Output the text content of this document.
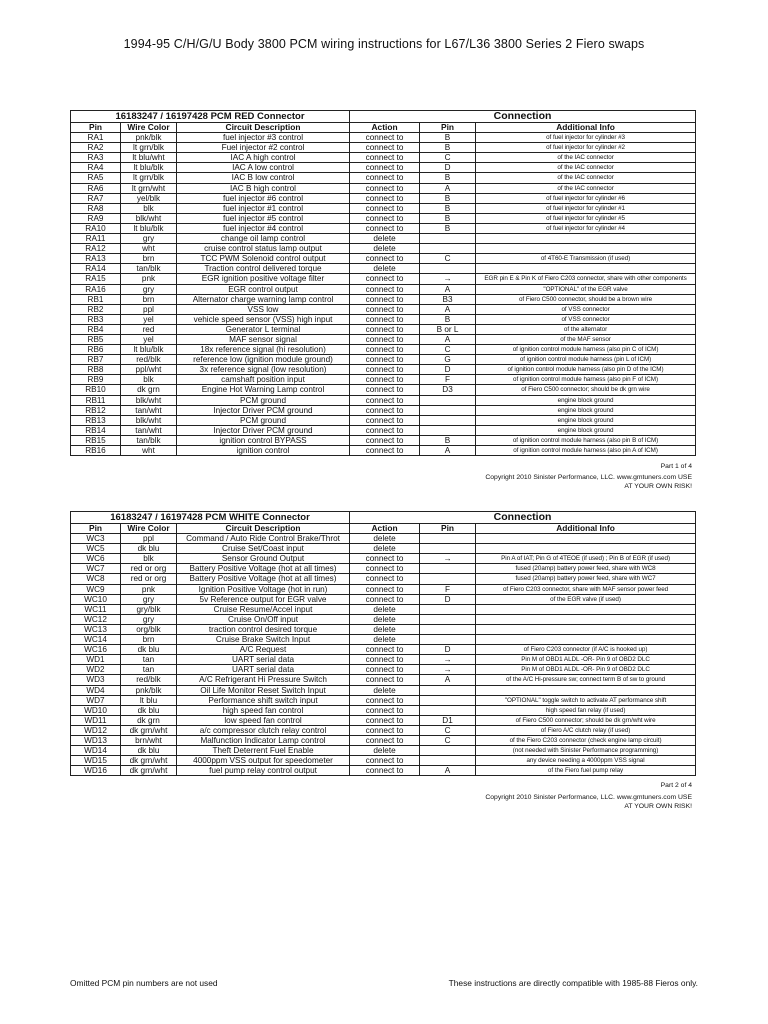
1994-95 C/H/G/U Body 3800 PCM wiring instructions for L67/L36 3800 Series 2 Fiero swaps
16183247 / 16197428 PCM RED Connector			Connection		
Pin	Wire Color	Circuit Description	Action	Pin	Additional Info
RA1	pnk/blk	fuel injector #3 control	connect to	B	of fuel injector for cylinder #3
RA2	lt grn/blk	Fuel injector #2 control	connect to	B	of fuel injector for cylinder #2
RA3	lt blu/wht	IAC A high control	connect to	C	of the IAC connector
RA4	lt blu/blk	IAC A low control	connect to	D	of the IAC connector
RA5	lt grn/blk	IAC B low control	connect to	B	of the IAC connector
RA6	lt grn/wht	IAC B high control	connect to	A	of the IAC connector
RA7	yel/blk	fuel injector #6 control	connect to	B	of fuel injector for cylinder #6
RA8	blk	fuel injector #1 control	connect to	B	of fuel injector for cylinder #1
RA9	blk/wht	fuel injector #5 control	connect to	B	of fuel injector for cylinder #5
RA10	lt blu/blk	fuel injector #4 control	connect to	B	of fuel injector for cylinder #4
RA11	gry	change oil lamp control	delete		
RA12	wht	cruise control status lamp output	delete		
RA13	brn	TCC PWM Solenoid control output	connect to	C	of 4T60-E Transmission (if used)
RA14	tan/blk	Traction control delivered torque	delete		
RA15	pnk	EGR ignition positive voltage filter	connect to	→	EGR pin E & Pin K of Fiero C203 connector, share with other components
RA16	gry	EGR control output	connect to	A	"OPTIONAL" of the EGR valve
RB1	brn	Alternator charge warning lamp control	connect to	B3	of Fiero C500 connector, should be a brown wire
RB2	ppl	VSS low	connect to	A	of VSS connector
RB3	yel	vehicle speed sensor (VSS) high input	connect to	B	of VSS connector
RB4	red	Generator L terminal	connect to	B or L	of the alternator
RB5	yel	MAF sensor signal	connect to	A	of the MAF sensor
RB6	lt blu/blk	18x reference signal (hi resolution)	connect to	C	of ignition control module harness (also pin C of ICM)
RB7	red/blk	reference low (ignition module ground)	connect to	G	of ignition control module harness (pin L of ICM)
RB8	ppl/wht	3x reference signal (low resolution)	connect to	D	of ignition control module harness (also pin D of the ICM)
RB9	blk	camshaft position input	connect to	F	of ignition control module harness (also pin F of ICM)
RB10	dk grn	Engine Hot Warning Lamp control	connect to	D3	of Fiero C500 connector; should be dk grn wire
RB11	blk/wht	PCM ground	connect to		engine block ground
RB12	tan/wht	Injector Driver PCM ground	connect to		engine block ground
RB13	blk/wht	PCM ground	connect to		engine block ground
RB14	tan/wht	Injector Driver PCM ground	connect to		engine block ground
RB15	tan/blk	ignition control BYPASS	connect to	B	of ignition control module harness (also pin B of ICM)
RB16	wht	ignition control	connect to	A	of ignition control module harness (also pin A of ICM)
Part 1 of 4
Copyright 2010 Sinister Performance, LLC. www.gmtuners.com USE
AT YOUR OWN RISK!
16183247 / 16197428 PCM WHITE Connector			Connection		
Pin	Wire Color	Circuit Description	Action	Pin	Additional Info
WC3	ppl	Command / Auto Ride Control Brake/Throt	delete		
WC5	dk blu	Cruise Set/Coast input	delete		
WC6	blk	Sensor Ground Output	connect to	→	Pin A of IAT; Pin G of 4TEOE (if used) ; Pin B of EGR (if used)
WC7	red or org	Battery Positive Voltage (hot at all times)	connect to		fused (20amp) battery power feed, share with WC8
WC8	red or org	Battery Positive Voltage (hot at all times)	connect to		fused (20amp) battery power feed, share with WC7
WC9	pnk	Ignition Positive Voltage (hot in run)	connect to	F	of Fiero C203 connector, share with MAF sensor power feed
WC10	gry	5v Reference output for EGR valve	connect to	D	of the EGR valve (if used)
WC11	gry/blk	Cruise Resume/Accel input	delete		
WC12	gry	Cruise On/Off input	delete		
WC13	org/blk	traction control desired torque	delete		
WC14	brn	Cruise Brake Switch Input	delete		
WC16	dk blu	A/C Request	connect to	D	of Fiero C203 connector (if A/C is hooked up)
WD1	tan	UART serial data	connect to	→	Pin M of OBD1 ALDL -OR- Pin 9 of OBD2 DLC
WD2	tan	UART serial data	connect to	→	Pin M of OBD1 ALDL -OR- Pin 9 of OBD2 DLC
WD3	red/blk	A/C Refrigerant Hi Pressure Switch	connect to	A	of the A/C Hi-pressure sw; connect term B of sw to ground
WD4	pnk/blk	Oil Life Monitor Reset Switch Input	delete		
WD7	lt blu	Performance shift switch input	connect to		"OPTIONAL" toggle switch to activate AT performance shift
WD10	dk blu	high speed fan control	connect to		high speed fan relay (if used)
WD11	dk grn	low speed fan control	connect to	D1	of Fiero C500 connector; should be dk grn/wht wire
WD12	dk grn/wht	a/c compressor clutch relay control	connect to	C	of Fiero A/C clutch relay (if used)
WD13	brn/wht	Malfunction Indicator Lamp control	connect to	C	of the Fiero C203 connector (check engine lamp circuit)
WD14	dk blu	Theft Deterrent Fuel Enable	delete		(not needed with Sinister Performance programming)
WD15	dk grn/wht	4000ppm VSS output for speedometer	connect to		any device needing a 4000ppm VSS signal
WD16	dk grn/wht	fuel pump relay control output	connect to	A	of the Fiero fuel pump relay
Part 2 of 4
Copyright 2010 Sinister Performance, LLC. www.gmtuners.com USE
AT YOUR OWN RISK!
Omitted PCM pin numbers are not used	These instructions are directly compatible with 1985-88 Fieros only.
